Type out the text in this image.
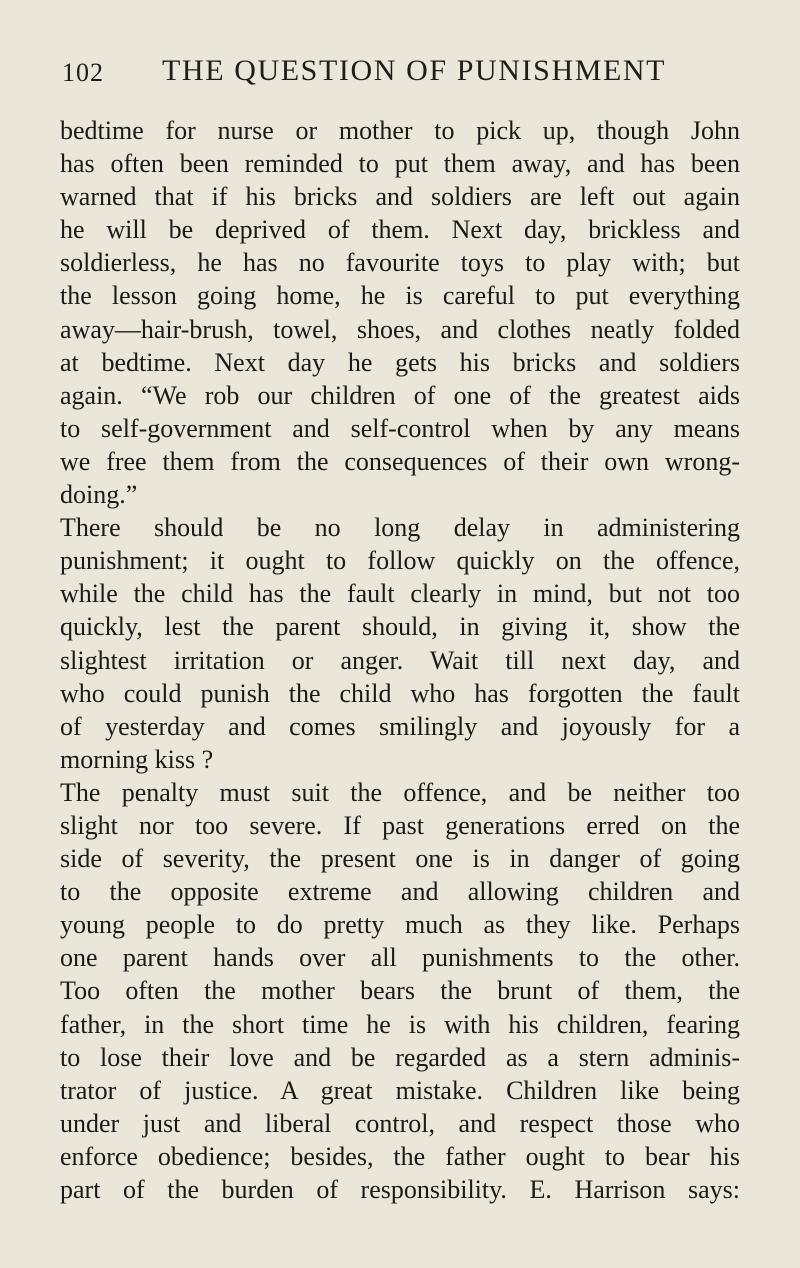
102 THE QUESTION OF PUNISHMENT
bedtime for nurse or mother to pick up, though John
has often been reminded to put them away, and has been
warned that if his bricks and soldiers are left out again
he will be deprived of them. Next day, brickless and
soldierless, he has no favourite toys to play with; but
the lesson going home, he is careful to put everything
away—hair-brush, towel, shoes, and clothes neatly folded
at bedtime. Next day he gets his bricks and soldiers
again. “We rob our children of one of the greatest aids
to self-government and self-control when by any means
we free them from the consequences of their own wrong-
doing.”
There should be no long delay in administering
punishment; it ought to follow quickly on the offence,
while the child has the fault clearly in mind, but not too
quickly, lest the parent should, in giving it, show the
slightest irritation or anger. Wait till next day, and
who could punish the child who has forgotten the fault
of yesterday and comes smilingly and joyously for a
morning kiss ?
The penalty must suit the offence, and be neither too
slight nor too severe. If past generations erred on the
side of severity, the present one is in danger of going
to the opposite extreme and allowing children and
young people to do pretty much as they like. Perhaps
one parent hands over all punishments to the other.
Too often the mother bears the brunt of them, the
father, in the short time he is with his children, fearing
to lose their love and be regarded as a stern adminis-
trator of justice. A great mistake. Children like being
under just and liberal control, and respect those who
enforce obedience; besides, the father ought to bear his
part of the burden of responsibility. E. Harrison says:
